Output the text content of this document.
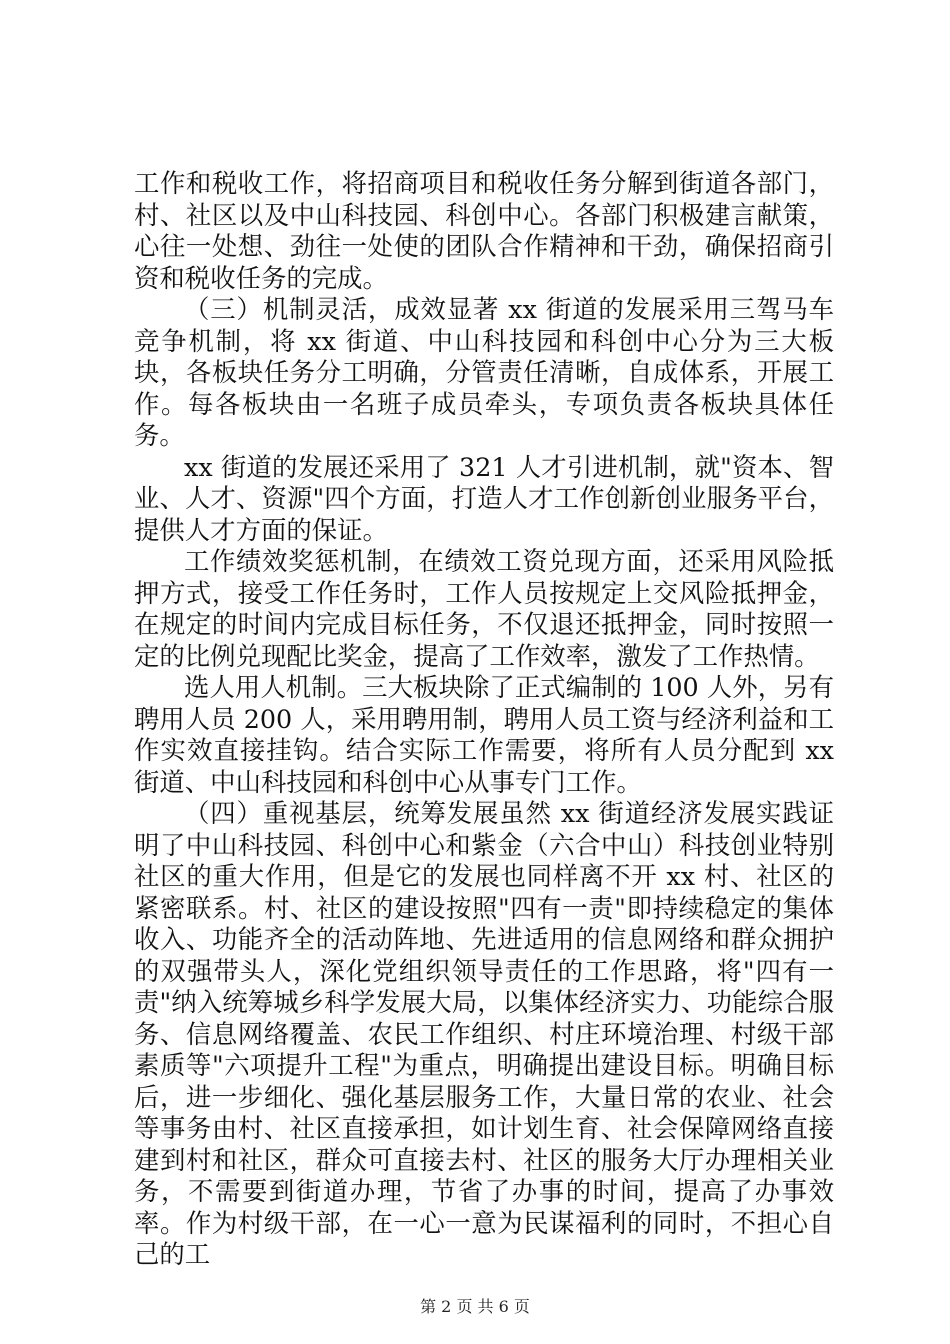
工作和税收工作，将招商项目和税收任务分解到街道各部门，村、社区以及中山科技园、科创中心。各部门积极建言献策，心往一处想、劲往一处使的团队合作精神和干劲，确保招商引资和税收任务的完成。

（三）机制灵活，成效显著 xx 街道的发展采用三驾马车竞争机制，将 xx 街道、中山科技园和科创中心分为三大板块，各板块任务分工明确，分管责任清晰，自成体系，开展工作。每各板块由一名班子成员牵头，专项负责各板块具体任务。

xx 街道的发展还采用了 321 人才引进机制，就"资本、智业、人才、资源"四个方面，打造人才工作创新创业服务平台，提供人才方面的保证。

工作绩效奖惩机制，在绩效工资兑现方面，还采用风险抵押方式，接受工作任务时，工作人员按规定上交风险抵押金，在规定的时间内完成目标任务，不仅退还抵押金，同时按照一定的比例兑现配比奖金，提高了工作效率，激发了工作热情。

选人用人机制。三大板块除了正式编制的 100 人外，另有聘用人员 200 人，采用聘用制，聘用人员工资与经济利益和工作实效直接挂钩。结合实际工作需要，将所有人员分配到 xx 街道、中山科技园和科创中心从事专门工作。

（四）重视基层，统筹发展虽然 xx 街道经济发展实践证明了中山科技园、科创中心和紫金（六合中山）科技创业特别社区的重大作用，但是它的发展也同样离不开 xx 村、社区的紧密联系。村、社区的建设按照"四有一责"即持续稳定的集体收入、功能齐全的活动阵地、先进适用的信息网络和群众拥护的双强带头人，深化党组织领导责任的工作思路，将"四有一责"纳入统筹城乡科学发展大局，以集体经济实力、功能综合服务、信息网络覆盖、农民工作组织、村庄环境治理、村级干部素质等"六项提升工程"为重点，明确提出建设目标。明确目标后，进一步细化、强化基层服务工作，大量日常的农业、社会等事务由村、社区直接承担，如计划生育、社会保障网络直接建到村和社区，群众可直接去村、社区的服务大厅办理相关业务，不需要到街道办理，节省了办事的时间，提高了办事效率。作为村级干部，在一心一意为民谋福利的同时，不担心自己的工

第 2 页 共 6 页
